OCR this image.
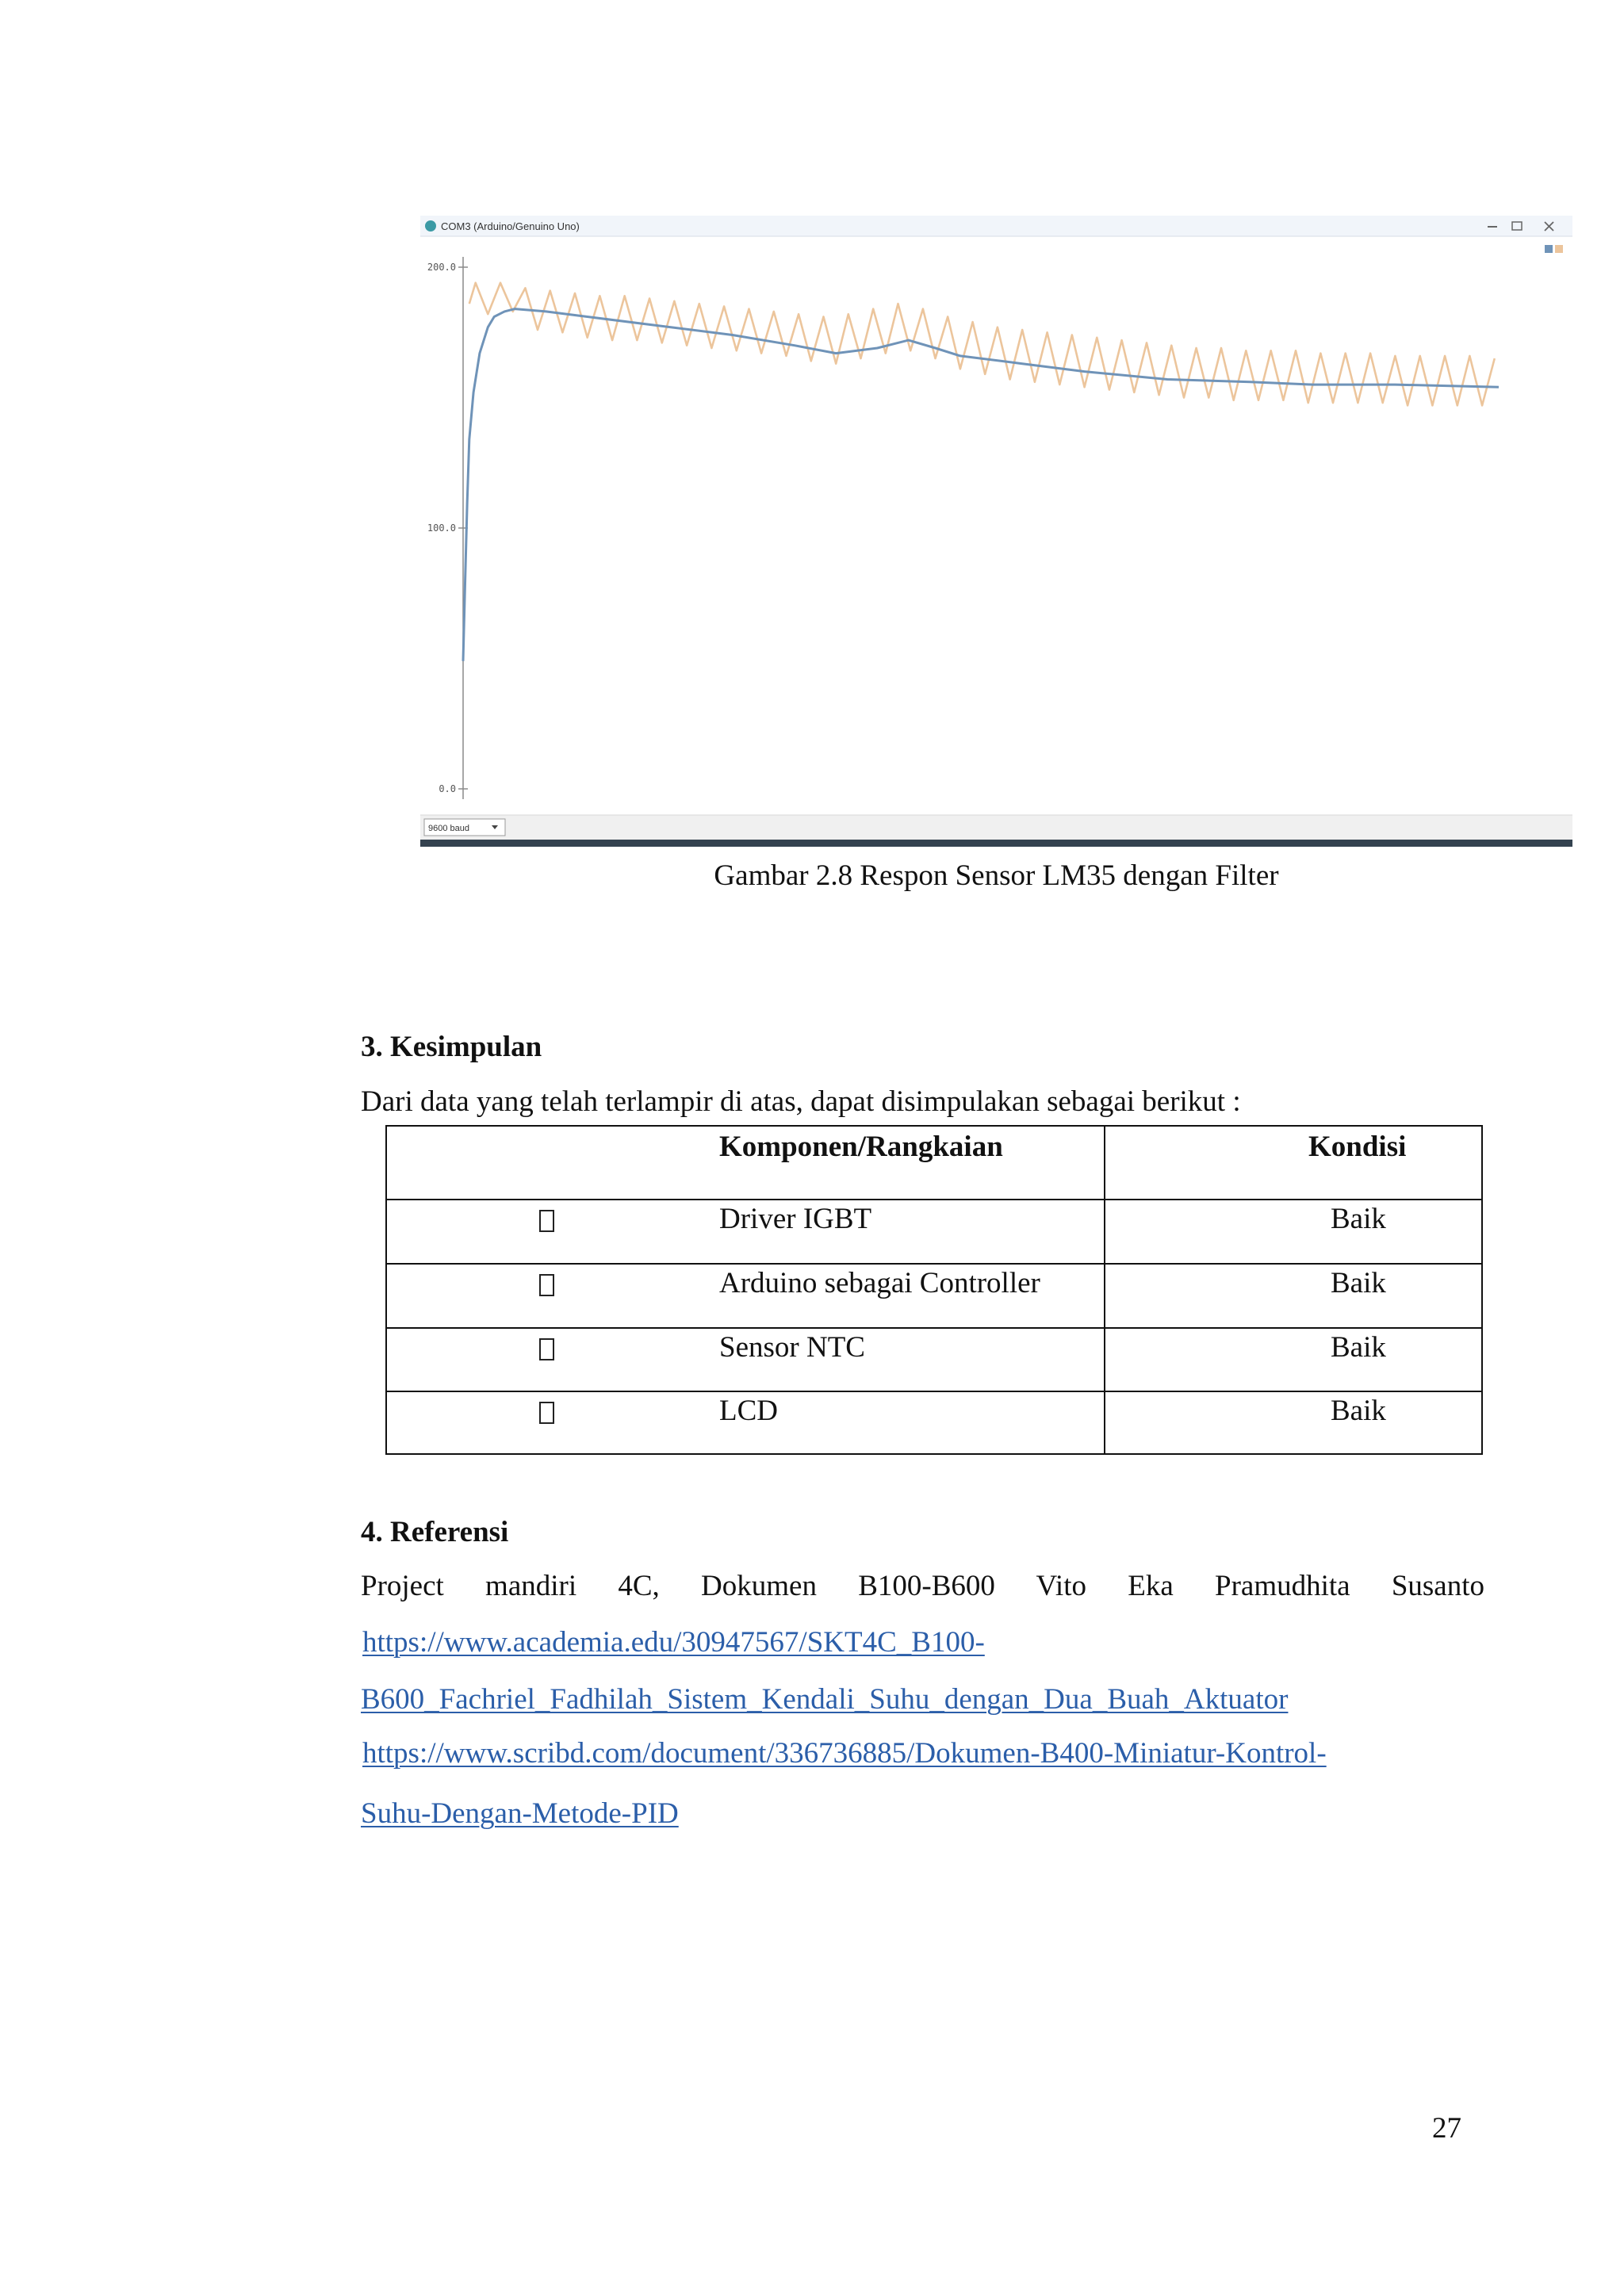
COM3 (Arduino/Genuino Uno)
0.0
100.0
200.0
9600 baud
Gambar 2.8 Respon Sensor LM35 dengan Filter
3. Kesimpulan
Dari data yang telah terlampir di atas, dapat disimpulakan sebagai berikut :
Komponen/Rangkaian	Kondisi
Driver IGBT	Baik
Arduino sebagai Controller	Baik
Sensor NTC	Baik
LCD	Baik
4. Referensi
Project mandiri 4C, Dokumen B100-B600 Vito Eka Pramudhita Susanto
https://www.academia.edu/30947567/SKT4C_B100-
B600_Fachriel_Fadhilah_Sistem_Kendali_Suhu_dengan_Dua_Buah_Aktuator
https://www.scribd.com/document/336736885/Dokumen-B400-Miniatur-Kontrol-
Suhu-Dengan-Metode-PID
27
